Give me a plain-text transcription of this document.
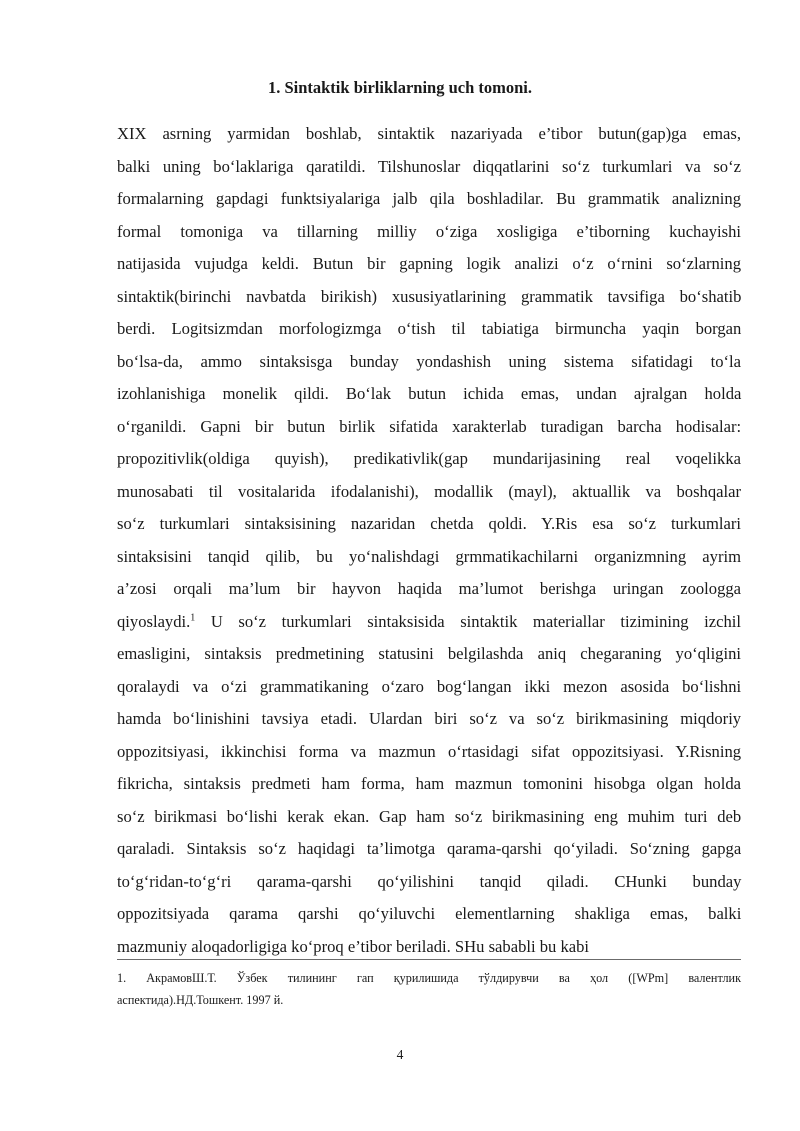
1. Sintaktik birliklarning uch tomoni.
XIX asrning yarmidan boshlab, sintaktik nazariyada e’tibor butun(gap)ga emas,
balki uning bo‘laklariga qaratildi. Tilshunoslar diqqatlarini so‘z turkumlari va so‘z
formalarning gapdagi funktsiyalariga jalb qila boshladilar. Bu grammatik analizning
formal tomoniga va tillarning milliy o‘ziga xosligiga e’tiborning kuchayishi
natijasida vujudga keldi. Butun bir gapning logik analizi o‘z o‘rnini so‘zlarning
sintaktik(birinchi navbatda birikish) xususiyatlarining grammatik tavsifiga bo‘shatib
berdi. Logitsizmdan morfologizmga o‘tish til tabiatiga birmuncha yaqin borgan
bo‘lsa-da, ammo sintaksisga bunday yondashish uning sistema sifatidagi to‘la
izohlanishiga monelik qildi. Bo‘lak butun ichida emas, undan ajralgan holda
o‘rganildi. Gapni bir butun birlik sifatida xarakterlab turadigan barcha hodisalar:
propozitivlik(oldiga quyish), predikativlik(gap mundarijasining real voqelikka
munosabati til vositalarida ifodalanishi), modallik (mayl), aktuallik va boshqalar
so‘z turkumlari sintaksisining nazaridan chetda qoldi. Y.Ris esa so‘z turkumlari
sintaksisini tanqid qilib, bu yo‘nalishdagi grmmatikachilarni organizmning ayrim
a’zosi orqali ma’lum bir hayvon haqida ma’lumot berishga uringan zoologga
qiyoslaydi.$^1$ U so‘z turkumlari sintaksisida sintaktik materiallar tizimining izchil
emasligini, sintaksis predmetining statusini belgilashda aniq chegaraning yo‘qligini
qoralaydi va o‘zi grammatikaning o‘zaro bog‘langan ikki mezon asosida bo‘lishni
hamda bo‘linishini tavsiya etadi. Ulardan biri so‘z va so‘z birikmasining miqdoriy
oppozitsiyasi, ikkinchisi forma va mazmun o‘rtasidagi sifat oppozitsiyasi. Y.Risning
fikricha, sintaksis predmeti ham forma, ham mazmun tomonini hisobga olgan holda
so‘z birikmasi bo‘lishi kerak ekan. Gap ham so‘z birikmasining eng muhim turi deb
qaraladi. Sintaksis so‘z haqidagi ta’limotga qarama-qarshi qo‘yiladi. So‘zning gapga
to‘g‘ridan-to‘g‘ri qarama-qarshi qo‘yilishini tanqid qiladi. CHunki bunday
oppozitsiyada qarama qarshi qo‘yiluvchi elementlarning shakliga emas, balki
mazmuniy aloqadorligiga ko‘proq e’tibor beriladi. SHu sababli bu kabi
1. АкрамовШ.Т. Ўзбек тилининг гап қурилишида тўлдирувчи ва ҳол ([WPm] валентлик
аспектида).НД.Тошкент. 1997 й.
4
